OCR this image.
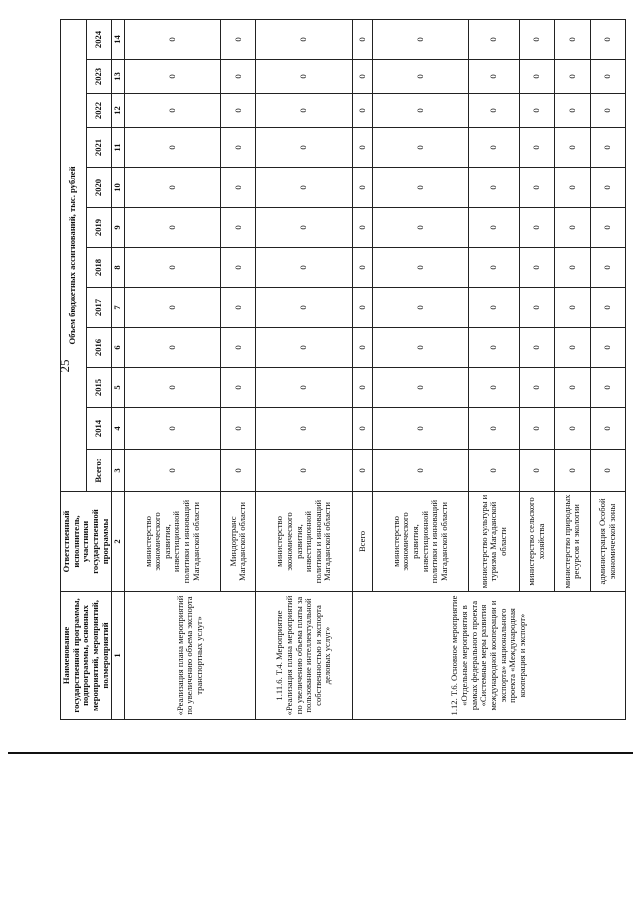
25
Наименование государственной программы, подпрограммы, основных мероприятий, мероприятий, полмероприятий	Ответственный исполнитель, участники государственной программы	Объем бюджетных ассигнований, тыс. рублей											
		Всего:	2014	2015	2016	2017	2018	2019	2020	2021	2022	2023	2024
1	2	3	4	5	6	7	8	9	10	11	12	13	14
«Реализация плана мероприятий по увеличению объема экспорта транспортных услуг»	министерство экономического развития, инвестиционной политики и инноваций Магаданской области	0	0	0	0	0	0	0	0	0	0	0	0
	Миндортранс Магаданской области	0	0	0	0	0	0	0	0	0	0	0	0
1.11.6. Т.4. Мероприятие «Реализация плана мероприятий по увеличению объема платы за пользование интеллектуальной собственностью и экспорта деловых услуг»	министерство экономического развития, инвестиционной политики и инноваций Магаданской области	0	0	0	0	0	0	0	0	0	0	0	0
1.12. Т.6. Основное мероприятие «Отдельные мероприятия в рамках федерального проекта «Системные меры развития международной кооперации и экспорта» национального проекта «Международная кооперация и экспорт»	Всего	0	0	0	0	0	0	0	0	0	0	0	0
	министерство экономического развития, инвестиционной политики и инноваций Магаданской области	0	0	0	0	0	0	0	0	0	0	0	0
	министерство культуры и туризма Магаданской области	0	0	0	0	0	0	0	0	0	0	0	0
	министерство сельского хозяйства	0	0	0	0	0	0	0	0	0	0	0	0
	министерство природных ресурсов и экологии	0	0	0	0	0	0	0	0	0	0	0	0
	администрация Особой экономической зоны	0	0	0	0	0	0	0	0	0	0	0	0
